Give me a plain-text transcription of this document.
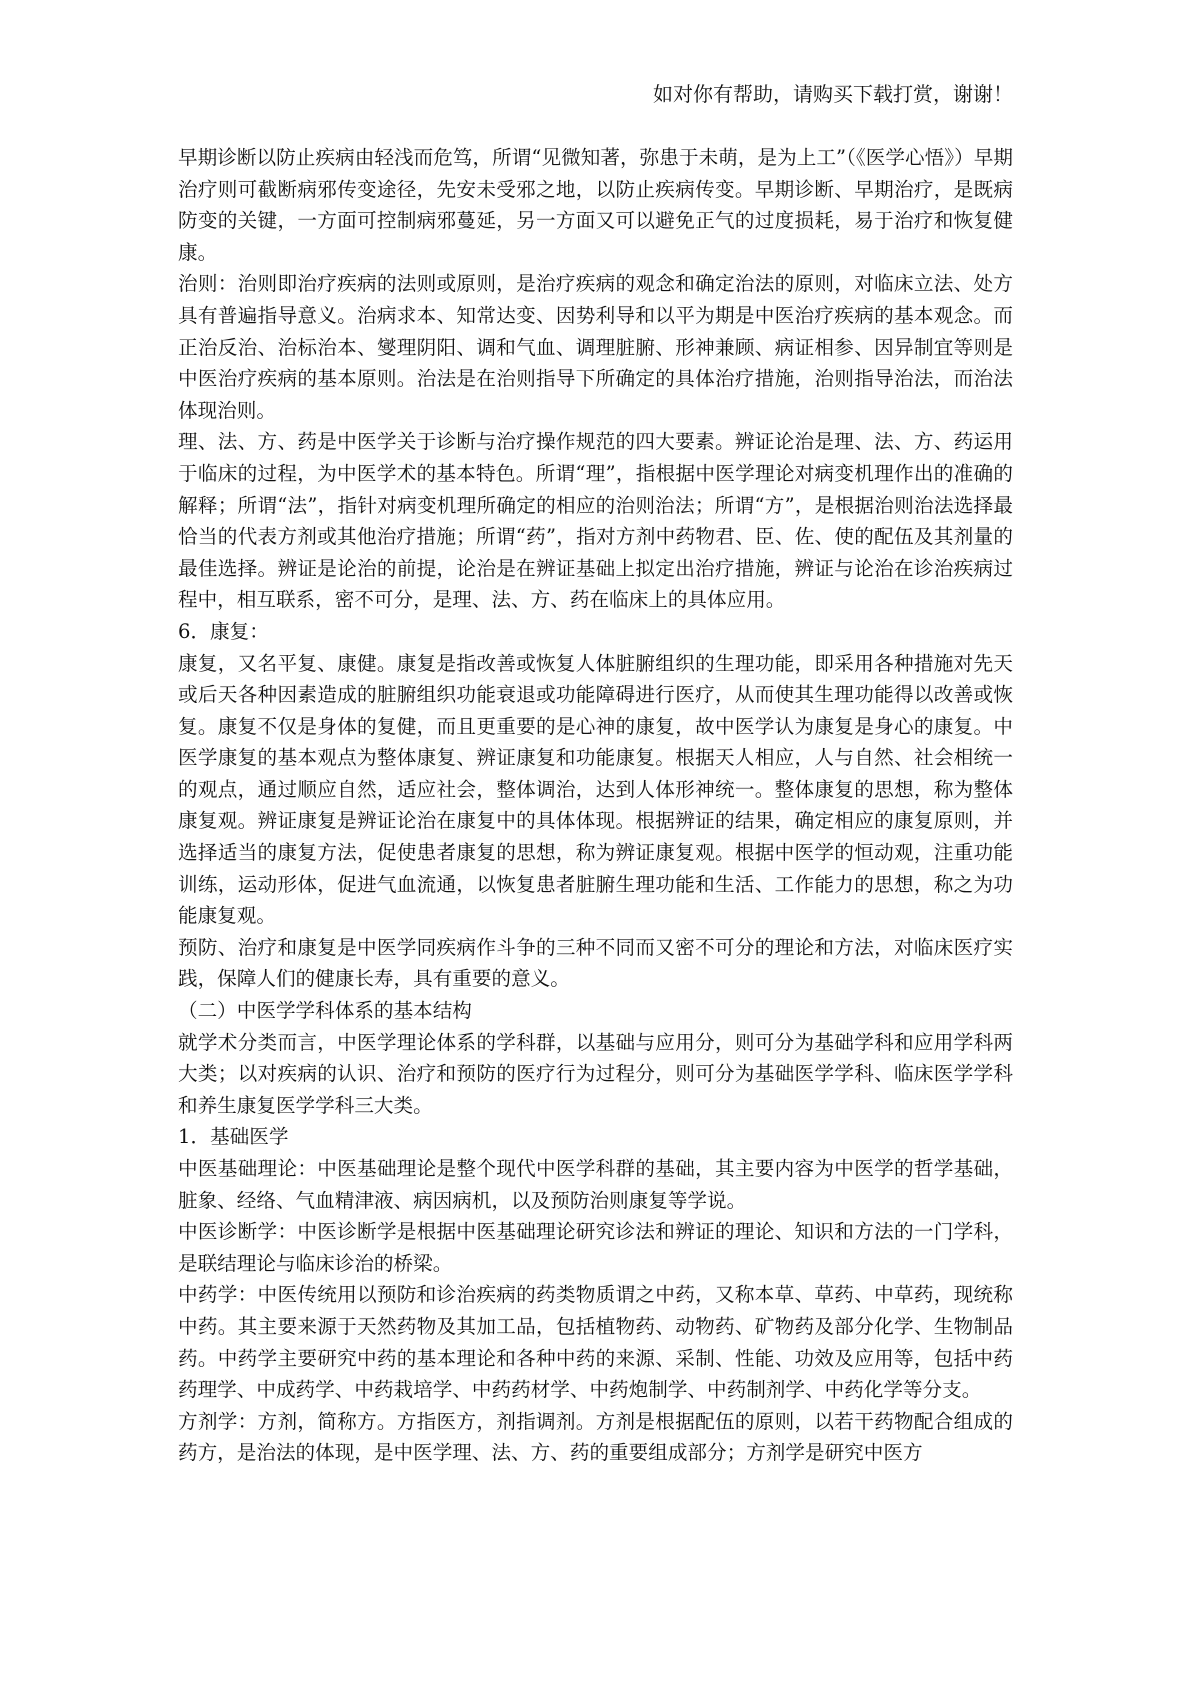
如对你有帮助，请购买下载打赏，谢谢！

早期诊断以防止疾病由轻浅而危笃，所谓“见微知著，弥患于未萌，是为上工”（《医学心悟》）早期治疗则可截断病邪传变途径，先安未受邪之地，以防止疾病传变。早期诊断、早期治疗，是既病防变的关键，一方面可控制病邪蔓延，另一方面又可以避免正气的过度损耗，易于治疗和恢复健康。

治则：治则即治疗疾病的法则或原则，是治疗疾病的观念和确定治法的原则，对临床立法、处方具有普遍指导意义。治病求本、知常达变、因势利导和以平为期是中医治疗疾病的基本观念。而正治反治、治标治本、燮理阴阳、调和气血、调理脏腑、形神兼顾、病证相参、因异制宜等则是中医治疗疾病的基本原则。治法是在治则指导下所确定的具体治疗措施，治则指导治法，而治法体现治则。

理、法、方、药是中医学关于诊断与治疗操作规范的四大要素。辨证论治是理、法、方、药运用于临床的过程，为中医学术的基本特色。所谓“理”，指根据中医学理论对病变机理作出的准确的解释；所谓“法”，指针对病变机理所确定的相应的治则治法；所谓“方”，是根据治则治法选择最恰当的代表方剂或其他治疗措施；所谓“药”，指对方剂中药物君、臣、佐、使的配伍及其剂量的最佳选择。辨证是论治的前提，论治是在辨证基础上拟定出治疗措施，辨证与论治在诊治疾病过程中，相互联系，密不可分，是理、法、方、药在临床上的具体应用。

6．康复：

康复，又名平复、康健。康复是指改善或恢复人体脏腑组织的生理功能，即采用各种措施对先天或后天各种因素造成的脏腑组织功能衰退或功能障碍进行医疗，从而使其生理功能得以改善或恢复。康复不仅是身体的复健，而且更重要的是心神的康复，故中医学认为康复是身心的康复。中医学康复的基本观点为整体康复、辨证康复和功能康复。根据天人相应，人与自然、社会相统一的观点，通过顺应自然，适应社会，整体调治，达到人体形神统一。整体康复的思想，称为整体康复观。辨证康复是辨证论治在康复中的具体体现。根据辨证的结果，确定相应的康复原则，并选择适当的康复方法，促使患者康复的思想，称为辨证康复观。根据中医学的恒动观，注重功能训练，运动形体，促进气血流通，以恢复患者脏腑生理功能和生活、工作能力的思想，称之为功能康复观。

预防、治疗和康复是中医学同疾病作斗争的三种不同而又密不可分的理论和方法，对临床医疗实践，保障人们的健康长寿，具有重要的意义。

（二）中医学学科体系的基本结构

就学术分类而言，中医学理论体系的学科群，以基础与应用分，则可分为基础学科和应用学科两大类；以对疾病的认识、治疗和预防的医疗行为过程分，则可分为基础医学学科、临床医学学科和养生康复医学学科三大类。

1．基础医学

中医基础理论：中医基础理论是整个现代中医学科群的基础，其主要内容为中医学的哲学基础，脏象、经络、气血精津液、病因病机，以及预防治则康复等学说。

中医诊断学：中医诊断学是根据中医基础理论研究诊法和辨证的理论、知识和方法的一门学科，是联结理论与临床诊治的桥梁。

中药学：中医传统用以预防和诊治疾病的药类物质谓之中药，又称本草、草药、中草药，现统称中药。其主要来源于天然药物及其加工品，包括植物药、动物药、矿物药及部分化学、生物制品药。中药学主要研究中药的基本理论和各种中药的来源、采制、性能、功效及应用等，包括中药药理学、中成药学、中药栽培学、中药药材学、中药炮制学、中药制剂学、中药化学等分支。

方剂学：方剂，简称方。方指医方，剂指调剂。方剂是根据配伍的原则，以若干药物配合组成的药方，是治法的体现，是中医学理、法、方、药的重要组成部分；方剂学是研究中医方
